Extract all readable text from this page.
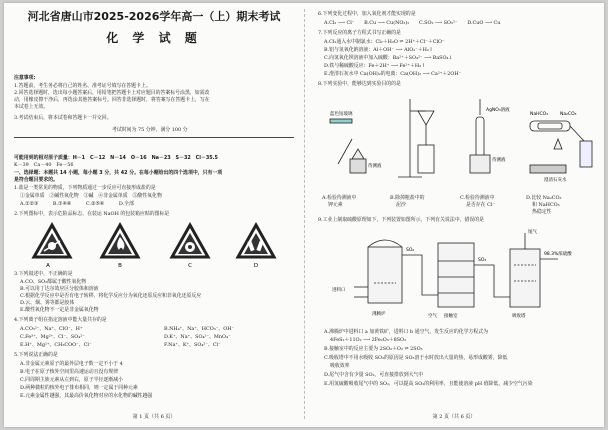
河北省唐山市2025-2026学年高一（上）期末考试
化 学 试 题
注意事项:
1.答题前，考生务必将自己的姓名、准考证号填写在答题卡上。
2.回答选择题时，选出每小题答案后，用铅笔把答题卡上对应题目的答案标号涂黑，如需改
动，用橡皮擦干净后，再选涂其他答案标号。回答非选择题时，将答案写在答题卡上，写在
本试卷上无效。
3.考试结束后，将本试卷和答题卡一并交回。
考试时间为 75 分钟，满分 100 分
可能用到的相对原子质量：H－1　C－12　N－14　O－16　Na－23　S－32　Cl－35.5
K－39　Ca－40　Fe－56
一、选择题：本题共 14 小题，每小题 3 分，共 42 分。在每小题给出的四个选项中，只有一项
是符合题目要求的。
1.盐是一类常见的物质，下列物质通过一步反应可直接形成盐的是
①金属单质　②碱性氧化物　③碱　④非金属单质　⑤酸性氧化物
A.①②③　　　B.①④⑥　　　C.②⑤⑥　　　D.全部
2.下列图标中，表示危险品标志，在装运 NaOH 的包装箱应贴的图标是
A	B	C	D
3.下列叙述中，不正确的是
A.CO、SO₂都属于酸性氧化物
B.可以用丁达尔效应区分胶体和溶液
C.根据化学反应中是否有电子转移，将化学反应分为氧化还原反应和非氧化还原反应
D.云、烟、雾等都是胶体
E.酸性氧化物不一定是非金属氧化物
4.下列离子组在指定溶液中能大量共存的是
A.CO₃²⁻、Na⁺、ClO⁻、H⁺	B.NH₄⁺、Na⁺、HCO₃⁻、OH⁻
C.Fe³⁺、Mg²⁺、Cl⁻、SO₄²⁻	D.K⁺、Na⁺、SO₄²⁻、MnO₄⁻
E.H⁺、Mg²⁺、CH₃COO⁻、Cl⁻	F.Na⁺、K⁺、SO₄²⁻、Cl⁻
5.下列说法正确的是
A.非金属元素原子的最外层电子数一定不小于 4
B.电子在原子核外空间里高速运动且没有规律
C.同周期主族元素从左到右，原子半径逐渐减小
D.两种微粒的核外电子排布相同，则一定属于同种元素
E.元素金属性越强，其最高价氧化物对应的水化物的碱性越强
第 1 页（共 6 页）
6.下列变化过程中，加入氧化剂才能实现的是
A.Cl₂ ⟶ Cl⁻　　B.Cu ⟶ Cu(NO₃)₂　　C.SO₂ ⟶ SO₃²⁻　　D.CuO ⟶ Cu
7.下列反应的离子方程式书写正确的是
A.Cl₂通入水中制氯水：Cl₂＋H₂O ⇌ 2H⁺＋Cl⁻＋ClO⁻
B.铝与氢氧化钠溶液：Al＋OH⁻ ⟶ AlO₂⁻＋H₂↑
C.向氢氧化钡溶液中加入硫酸：Ba²⁺＋SO₄²⁻ ⟶ BaSO₄↓
D.铁与稀硫酸反应：Fe＋2H⁺ ⟶ Fe²⁺＋H₂↑
E.澄清石灰水中 Ca(OH)₂的电离：Ca(OH)₂ ⟶ Ca²⁺＋2OH⁻
8.下列实验中，能够达到实验目的的是
蓝色钴玻璃
待测液
AgNO₃溶液
待测液
NaHCO₃	Na₂CO₃
澄清石灰水
A.检验待测液中	B.除掉粗盐中的	C.检验待测液中	D.比较 Na₂CO₃
钾元素	泥沙	是否存在 Cl⁻	和 NaHCO₃
热稳定性
9.工业上制取硫酸原理如下，下列装置如图所示，下列有关说法中，错误的是
空气
尾气
进料口
沸腾炉	接触室	吸收塔
98.3%浓硫酸
SO₃
SO₂
A.沸腾炉中进料口 a 加黄铁矿，进料口 b 通空气，发生反应的化学方程式为
4FeS₂＋11O₂ ⟶ 2Fe₂O₃＋8SO₂
B.接触室中的反应主要为 2SO₂＋O₂ ⇌ 2SO₃
C.吸收塔中不用水吸收 SO₃的原因是 SO₃溶于水时放出大量的热，易形成酸雾，降低
吸收效率
D.尾气中含有少量 SO₂，可直接排放到大气中
E.用氢硫酸吸收尾气中的 SO₂，可以提高 SO₂的利用率，且能使溶液 pH 值降低，减少空气污染
第 2 页（共 6 页）
